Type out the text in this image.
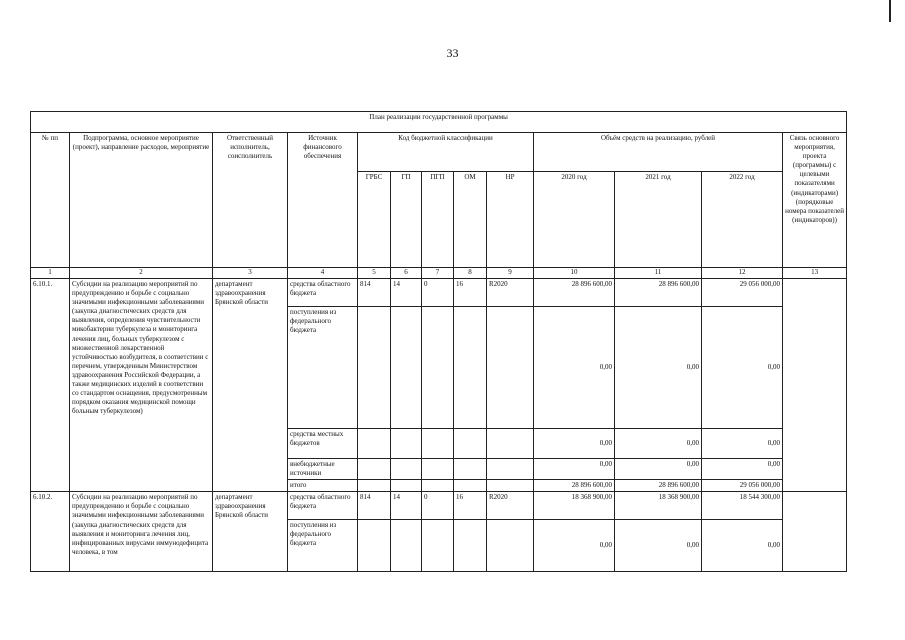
33
План реализации государственной программы												
№ пп	Подпрограмма, основное мероприятие (проект), направление расходов, мероприятие	Ответственный исполнитель, соисполнитель	Источник финансового обеспечения	Код бюджетной классификации					Объём средств на реализацию, рублей			Связь основного мероприятия, проекта (программы) с целевыми показателями (индикаторами) (порядковые номера показателей (индикаторов))
				ГРБС	ГП	ПГП	ОМ	НР	2020 год	2021 год	2022 год	
1	2	3	4	5	6	7	8	9	10	11	12	13
6.10.1.	Субсидии на реализацию мероприятий по предупреждению и борьбе с социально значимыми инфекционными заболеваниями (закупка диагностических средств для выявления, определения чувствительности микобактерии туберкулеза и мониторинга лечения лиц, больных туберкулезом с множественной лекарственной устойчивостью возбудителя, в соответствии с перечнем, утвержденным Министерством здравоохранения Российской Федерации, а также медицинских изделий в соответствии со стандартом оснащения, предусмотренным порядком оказания медицинской помощи больным туберкулезом)	департамент здравоохранения Брянской области	средства областного бюджета	814	14	0	16	R2020	28 896 600,00	28 896 600,00	29 056 000,00	
			поступления из федерального бюджета						0,00	0,00	0,00	
			средства местных бюджетов						0,00	0,00	0,00	
			внебюджетные источники						0,00	0,00	0,00	
			итого						28 896 600,00	28 896 600,00	29 056 000,00	
6.10.2.	Субсидии на реализацию мероприятий по предупреждению и борьбе с социально значимыми инфекционными заболеваниями (закупка диагностических средств для выявления и мониторинга лечения лиц, инфицированных вирусами иммунодефицита человека, в том	департамент здравоохранения Брянской области	средства областного бюджета	814	14	0	16	R2020	18 368 900,00	18 368 900,00	18 544 300,00	
			поступления из федерального бюджета						0,00	0,00	0,00	
